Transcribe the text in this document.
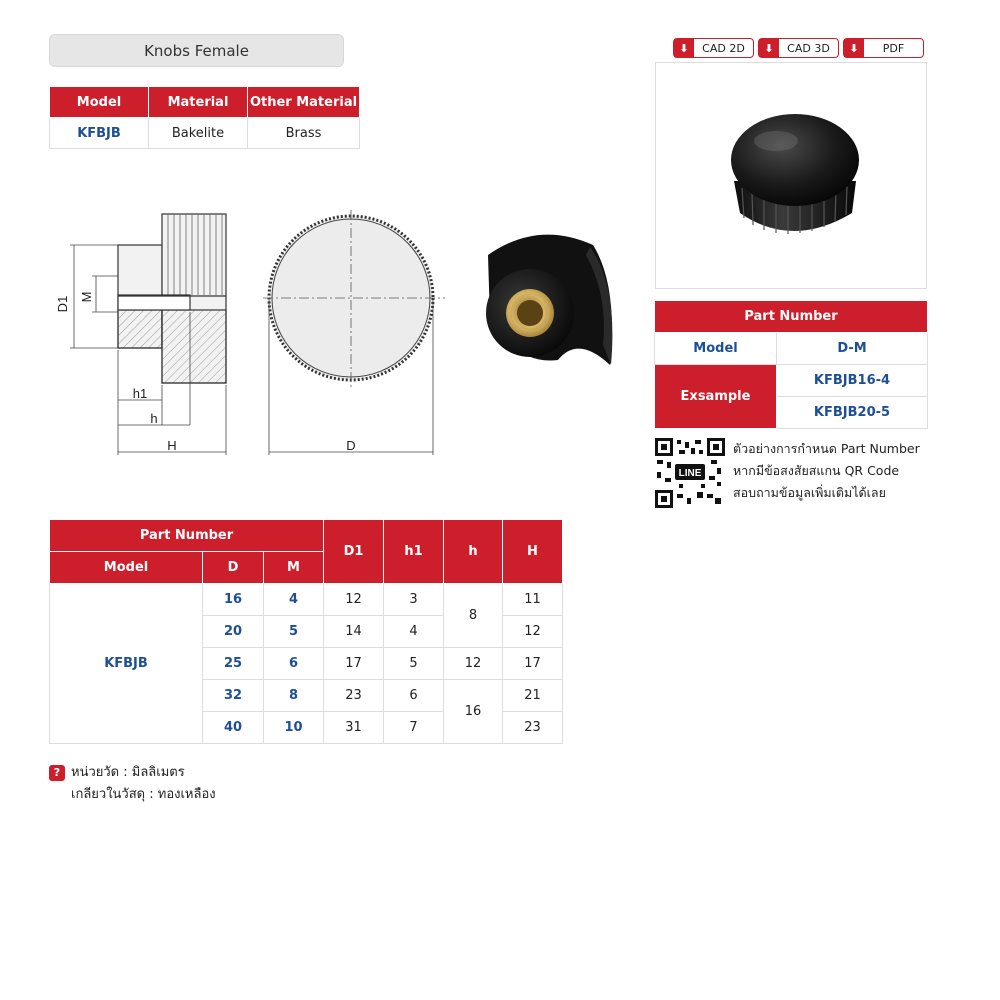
Knobs Female
Model	Material	Other Material
KFBJB	Bakelite	Brass
⬇	CAD 2D	⬇	CAD 3D	⬇	PDF
Part Number	
Model	D-M
Exsample	KFBJB16-4
	KFBJB20-5
LINE
ตัวอย่างการกำหนด Part Number
หากมีข้อสงสัยสแกน QR Code
สอบถามข้อมูลเพิ่มเติมได้เลย
D1 M
h1
h
H	D
Part Number			D1	h1	h	H
Model	D	M				
KFBJB	16	4	12	3	8	11
	20	5	14	4		12
	25	6	17	5	12	17
	32	8	23	6	16	21
	40	10	31	7		23
? หน่วยวัด : มิลลิเมตร
เกลียวในวัสดุ : ทองเหลือง
